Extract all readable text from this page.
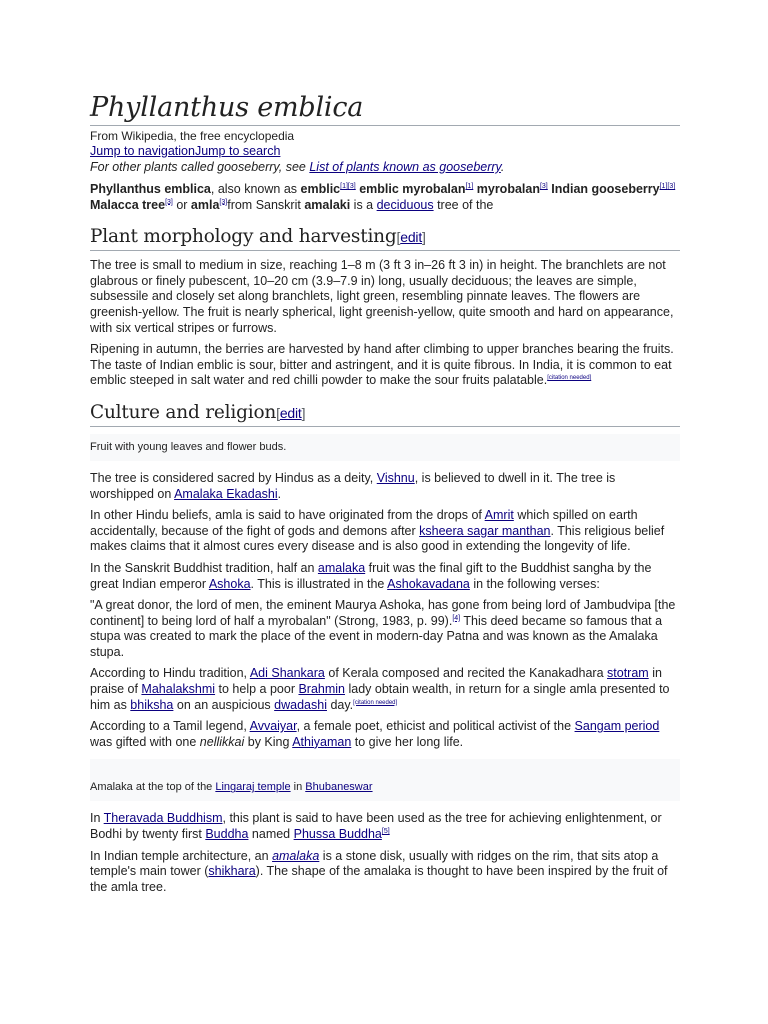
Phyllanthus emblica
From Wikipedia, the free encyclopedia
Jump to navigationJump to search
For other plants called gooseberry, see List of plants known as gooseberry.

Phyllanthus emblica, also known as emblic[1][3] emblic myrobalan[1] myrobalan[3] Indian gooseberry[1][3] Malacca tree[3] or amla[3]from Sanskrit amalaki is a deciduous tree of the

Plant morphology and harvesting[edit]

The tree is small to medium in size, reaching 1–8 m (3 ft 3 in–26 ft 3 in) in height. The branchlets are not glabrous or finely pubescent, 10–20 cm (3.9–7.9 in) long, usually deciduous; the leaves are simple, subsessile and closely set along branchlets, light green, resembling pinnate leaves. The flowers are greenish-yellow. The fruit is nearly spherical, light greenish-yellow, quite smooth and hard on appearance, with six vertical stripes or furrows.

Ripening in autumn, the berries are harvested by hand after climbing to upper branches bearing the fruits. The taste of Indian emblic is sour, bitter and astringent, and it is quite fibrous. In India, it is common to eat emblic steeped in salt water and red chilli powder to make the sour fruits palatable.[citation needed]

Culture and religion[edit]
Fruit with young leaves and flower buds.

The tree is considered sacred by Hindus as a deity, Vishnu, is believed to dwell in it. The tree is worshipped on Amalaka Ekadashi.

In other Hindu beliefs, amla is said to have originated from the drops of Amrit which spilled on earth accidentally, because of the fight of gods and demons after ksheera sagar manthan. This religious belief makes claims that it almost cures every disease and is also good in extending the longevity of life.

In the Sanskrit Buddhist tradition, half an amalaka fruit was the final gift to the Buddhist sangha by the great Indian emperor Ashoka. This is illustrated in the Ashokavadana in the following verses:

"A great donor, the lord of men, the eminent Maurya Ashoka, has gone from being lord of Jambudvipa [the continent] to being lord of half a myrobalan" (Strong, 1983, p. 99).[4] This deed became so famous that a stupa was created to mark the place of the event in modern-day Patna and was known as the Amalaka stupa.

According to Hindu tradition, Adi Shankara of Kerala composed and recited the Kanakadhara stotram in praise of Mahalakshmi to help a poor Brahmin lady obtain wealth, in return for a single amla presented to him as bhiksha on an auspicious dwadashi day.[citation needed]

According to a Tamil legend, Avvaiyar, a female poet, ethicist and political activist of the Sangam period was gifted with one nellikkai by King Athiyaman to give her long life.

Amalaka at the top of the Lingaraj temple in Bhubaneswar

In Theravada Buddhism, this plant is said to have been used as the tree for achieving enlightenment, or Bodhi by twenty first Buddha named Phussa Buddha[5]

In Indian temple architecture, an amalaka is a stone disk, usually with ridges on the rim, that sits atop a temple's main tower (shikhara). The shape of the amalaka is thought to have been inspired by the fruit of the amla tree.
